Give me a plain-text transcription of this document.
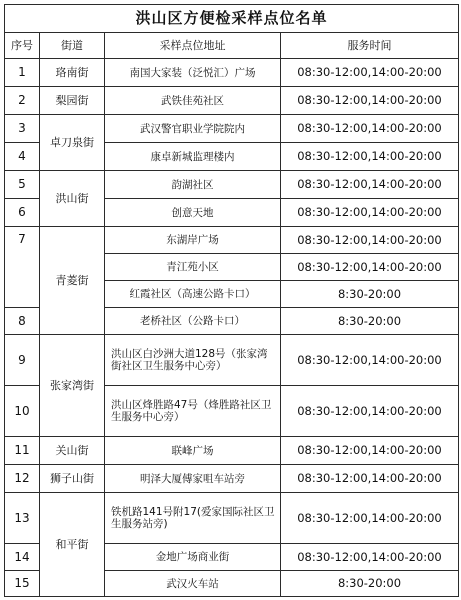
洪山区方便检采样点位名单			
序号	街道	采样点位地址	服务时间
1	珞南街	南国大家装（泛悦汇）广场	08:30-12:00,14:00-20:00
2	梨园街	武铁佳苑社区	08:30-12:00,14:00-20:00
3	卓刀泉街	武汉警官职业学院院内	08:30-12:00,14:00-20:00
4		康卓新城监理楼内	08:30-12:00,14:00-20:00
5	洪山街	韵湖社区	08:30-12:00,14:00-20:00
6		创意天地	08:30-12:00,14:00-20:00
7	青菱街	东湖岸广场	08:30-12:00,14:00-20:00
		青江苑小区	08:30-12:00,14:00-20:00
		红霞社区（高速公路卡口）	8:30-20:00
8		老桥社区（公路卡口）	8:30-20:00
9	张家湾街	洪山区白沙洲大道128号（张家湾街社区卫生服务中心旁）	08:30-12:00,14:00-20:00
10		洪山区烽胜路47号（烽胜路社区卫生服务中心旁）	08:30-12:00,14:00-20:00
11	关山街	联峰广场	08:30-12:00,14:00-20:00
12	狮子山街	明泽大厦傅家咀车站旁	08:30-12:00,14:00-20:00
13	和平街	铁机路141号附17(爱家国际社区卫生服务站旁)	08:30-12:00,14:00-20:00
14		金地广场商业街	08:30-12:00,14:00-20:00
15		武汉火车站	8:30-20:00
